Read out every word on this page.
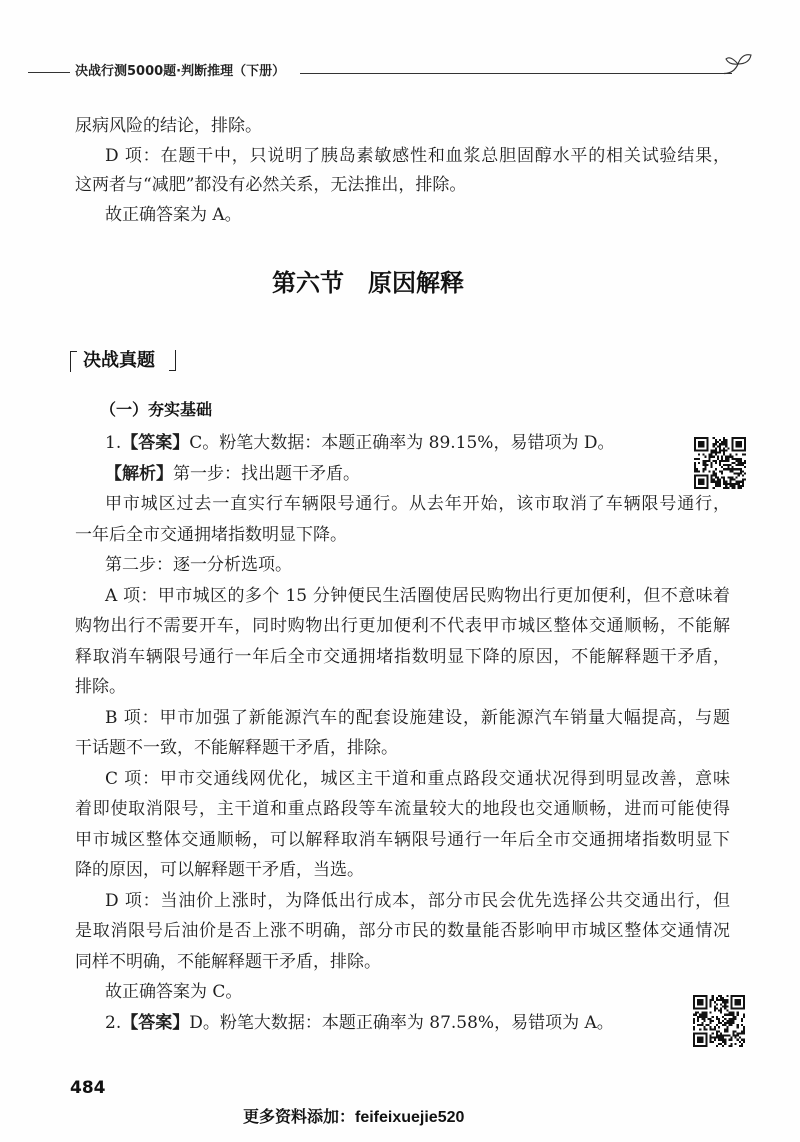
决战行测5000题·判断推理（下册）
尿病风险的结论，排除。
D 项：在题干中，只说明了胰岛素敏感性和血浆总胆固醇水平的相关试验结果，
这两者与“减肥”都没有必然关系，无法推出，排除。
故正确答案为 A。
第六节　原因解释
决战真题
（一）夯实基础
1.【答案】C。粉笔大数据：本题正确率为 89.15%，易错项为 D。
【解析】第一步：找出题干矛盾。
甲市城区过去一直实行车辆限号通行。从去年开始，该市取消了车辆限号通行，
一年后全市交通拥堵指数明显下降。
第二步：逐一分析选项。
A 项：甲市城区的多个 15 分钟便民生活圈使居民购物出行更加便利，但不意味着
购物出行不需要开车，同时购物出行更加便利不代表甲市城区整体交通顺畅，不能解
释取消车辆限号通行一年后全市交通拥堵指数明显下降的原因，不能解释题干矛盾，
排除。
B 项：甲市加强了新能源汽车的配套设施建设，新能源汽车销量大幅提高，与题
干话题不一致，不能解释题干矛盾，排除。
C 项：甲市交通线网优化，城区主干道和重点路段交通状况得到明显改善，意味
着即使取消限号，主干道和重点路段等车流量较大的地段也交通顺畅，进而可能使得
甲市城区整体交通顺畅，可以解释取消车辆限号通行一年后全市交通拥堵指数明显下
降的原因，可以解释题干矛盾，当选。
D 项：当油价上涨时，为降低出行成本，部分市民会优先选择公共交通出行，但
是取消限号后油价是否上涨不明确，部分市民的数量能否影响甲市城区整体交通情况
同样不明确，不能解释题干矛盾，排除。
故正确答案为 C。
2.【答案】D。粉笔大数据：本题正确率为 87.58%，易错项为 A。
484
更多资料添加：feifeixuejie520
